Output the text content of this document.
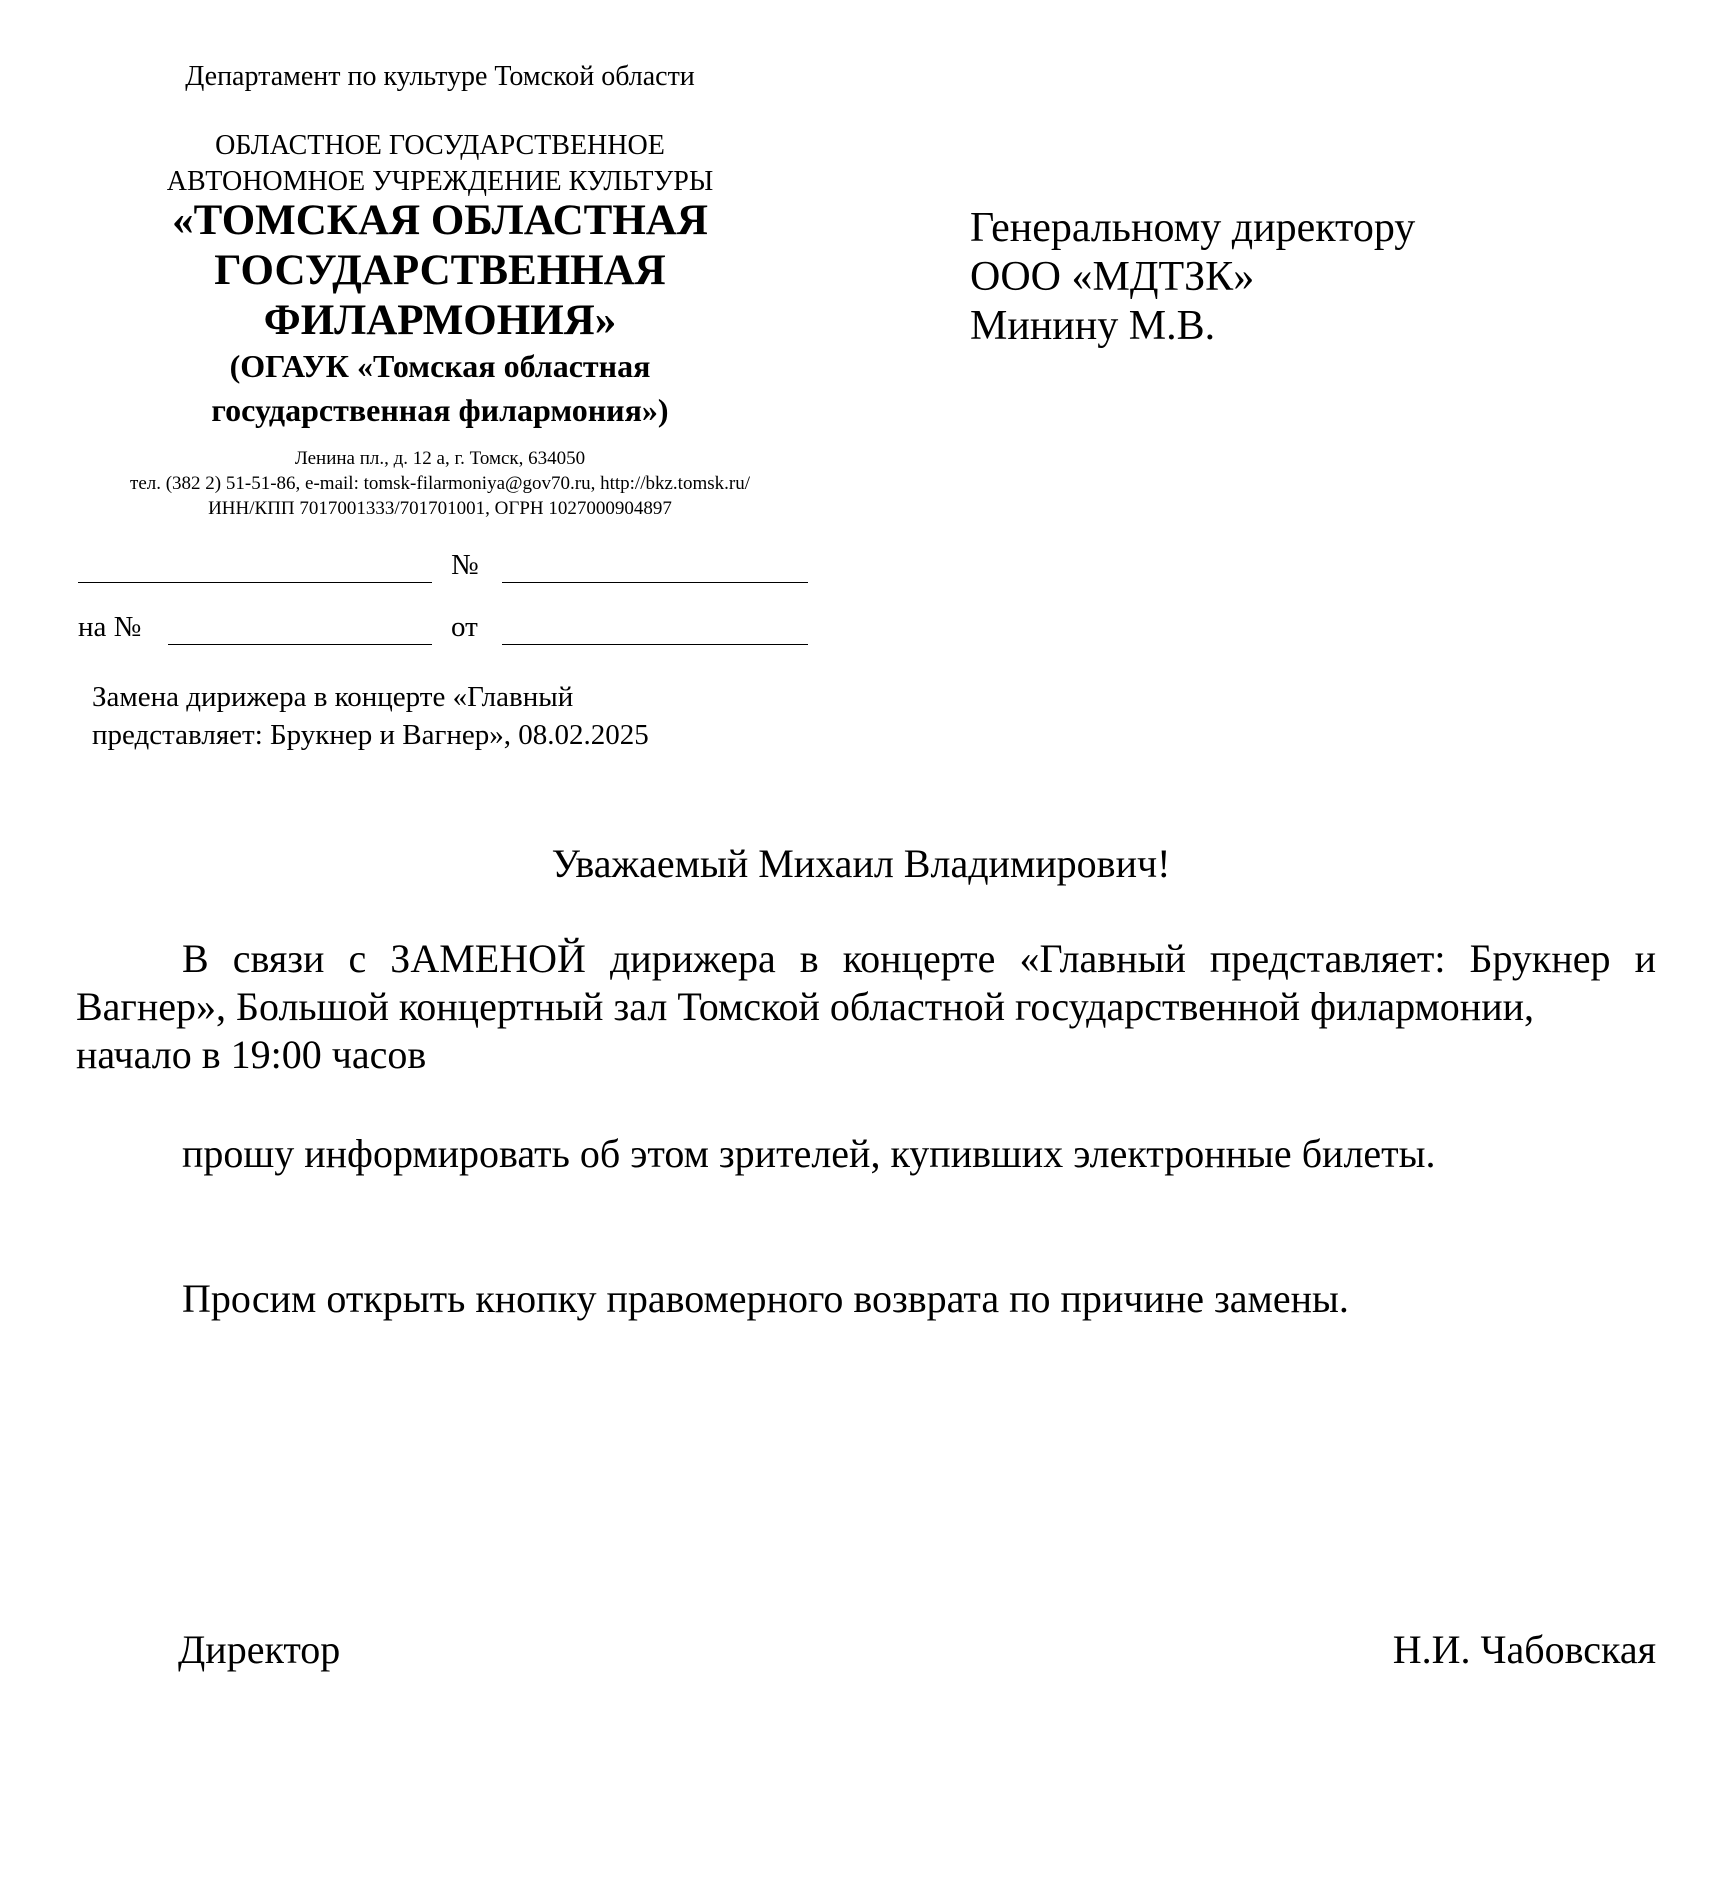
Департамент по культуре Томской области
ОБЛАСТНОЕ ГОСУДАРСТВЕННОЕ
АВТОНОМНОЕ УЧРЕЖДЕНИЕ КУЛЬТУРЫ
«ТОМСКАЯ ОБЛАСТНАЯ
ГОСУДАРСТВЕННАЯ
ФИЛАРМОНИЯ»
(ОГАУК «Томская областная
государственная филармония»)
Ленина пл., д. 12 а, г. Томск, 634050
тел. (382 2) 51-51-86, e-mail: tomsk-filarmoniya@gov70.ru, http://bkz.tomsk.ru/
ИНН/КПП 7017001333/701701001, ОГРН 1027000904897
№
на №	от
Замена дирижера в концерте «Главный
представляет: Брукнер и Вагнер», 08.02.2025
Генеральному директору
ООО «МДТЗК»
Минину М.В.
Уважаемый Михаил Владимирович!
В связи с ЗАМЕНОЙ дирижера в концерте «Главный представляет: Брукнер и Вагнер», Большой концертный зал Томской областной государственной филармонии,
начало в 19:00 часов
прошу информировать об этом зрителей, купивших электронные билеты.
Просим открыть кнопку правомерного возврата по причине замены.
Директор	Н.И. Чабовская
